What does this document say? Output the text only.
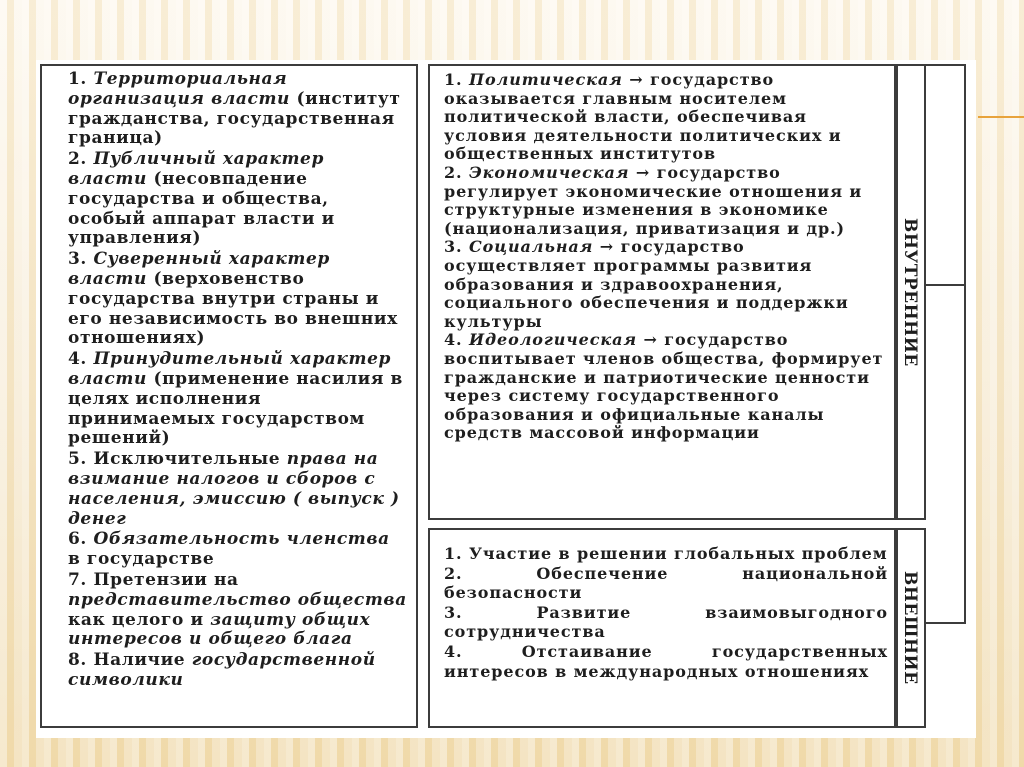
1. Территориальная организация власти (институт гражданства, государственная граница)
2. Публичный характер власти (несовпадение государства и общества, особый аппарат власти и управления)
3. Суверенный характер власти (верховенство государства внутри страны и его независимость во внешних отношениях)
4. Принудительный характер власти (применение насилия в целях исполнения принимаемых государством решений)
5. Исключительные права на взимание налогов и сборов с населения, эмиссию ( выпуск ) денег
6. Обязательность членства в государстве
7. Претензии на представительство общества как целого и защиту общих интересов и общего блага
8. Наличие государственной символики
1. Политическая → государство оказывается главным носителем политической власти, обеспечивая условия деятельности политических и общественных институтов
2. Экономическая → государство регулирует экономические отношения и структурные изменения в экономике (национализация, приватизация и др.)
3. Социальная → государство осуществляет программы развития образования и здравоохранения, социального обеспечения и поддержки культуры
4. Идеологическая → государство воспитывает членов общества, формирует гражданские и патриотические ценности через систему государственного образования и официальные каналы средств массовой информации
ВНУТРЕННИЕ
1. Участие в решении глобальных проблем
2. Обеспечение национальной безопасности
3. Развитие взаимовыгодного сотрудничества
4. Отстаивание государственных интересов в международных отношениях	ВНЕШНИЕ
